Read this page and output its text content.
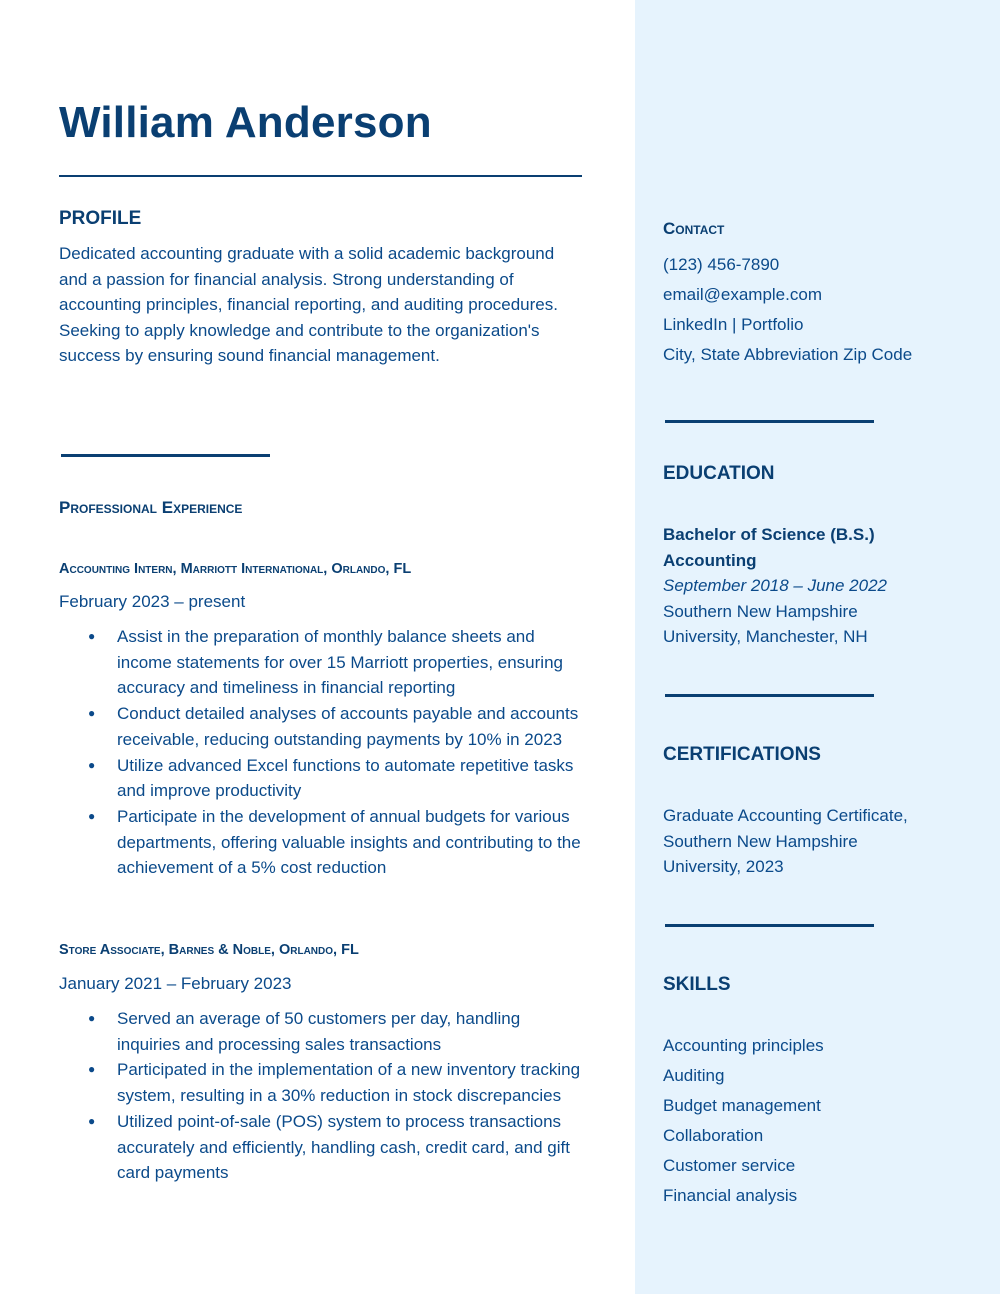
William Anderson
PROFILE
Dedicated accounting graduate with a solid academic background and a passion for financial analysis. Strong understanding of accounting principles, financial reporting, and auditing procedures. Seeking to apply knowledge and contribute to the organization's success by ensuring sound financial management.
Professional Experience
Accounting Intern, Marriott International, Orlando, FL
February 2023 – present
● Assist in the preparation of monthly balance sheets and income statements for over 15 Marriott properties, ensuring accuracy and timeliness in financial reporting
● Conduct detailed analyses of accounts payable and accounts receivable, reducing outstanding payments by 10% in 2023
● Utilize advanced Excel functions to automate repetitive tasks and improve productivity
● Participate in the development of annual budgets for various departments, offering valuable insights and contributing to the achievement of a 5% cost reduction
Store Associate, Barnes & Noble, Orlando, FL
January 2021 – February 2023
● Served an average of 50 customers per day, handling inquiries and processing sales transactions
● Participated in the implementation of a new inventory tracking system, resulting in a 30% reduction in stock discrepancies
● Utilized point-of-sale (POS) system to process transactions accurately and efficiently, handling cash, credit card, and gift card payments
Contact
(123) 456-7890
email@example.com
LinkedIn | Portfolio
City, State Abbreviation Zip Code
EDUCATION
Bachelor of Science (B.S.)
Accounting
September 2018 – June 2022
Southern New Hampshire
University, Manchester, NH
CERTIFICATIONS
Graduate Accounting Certificate,
Southern New Hampshire
University, 2023
SKILLS
Accounting principles
Auditing
Budget management
Collaboration
Customer service
Financial analysis
